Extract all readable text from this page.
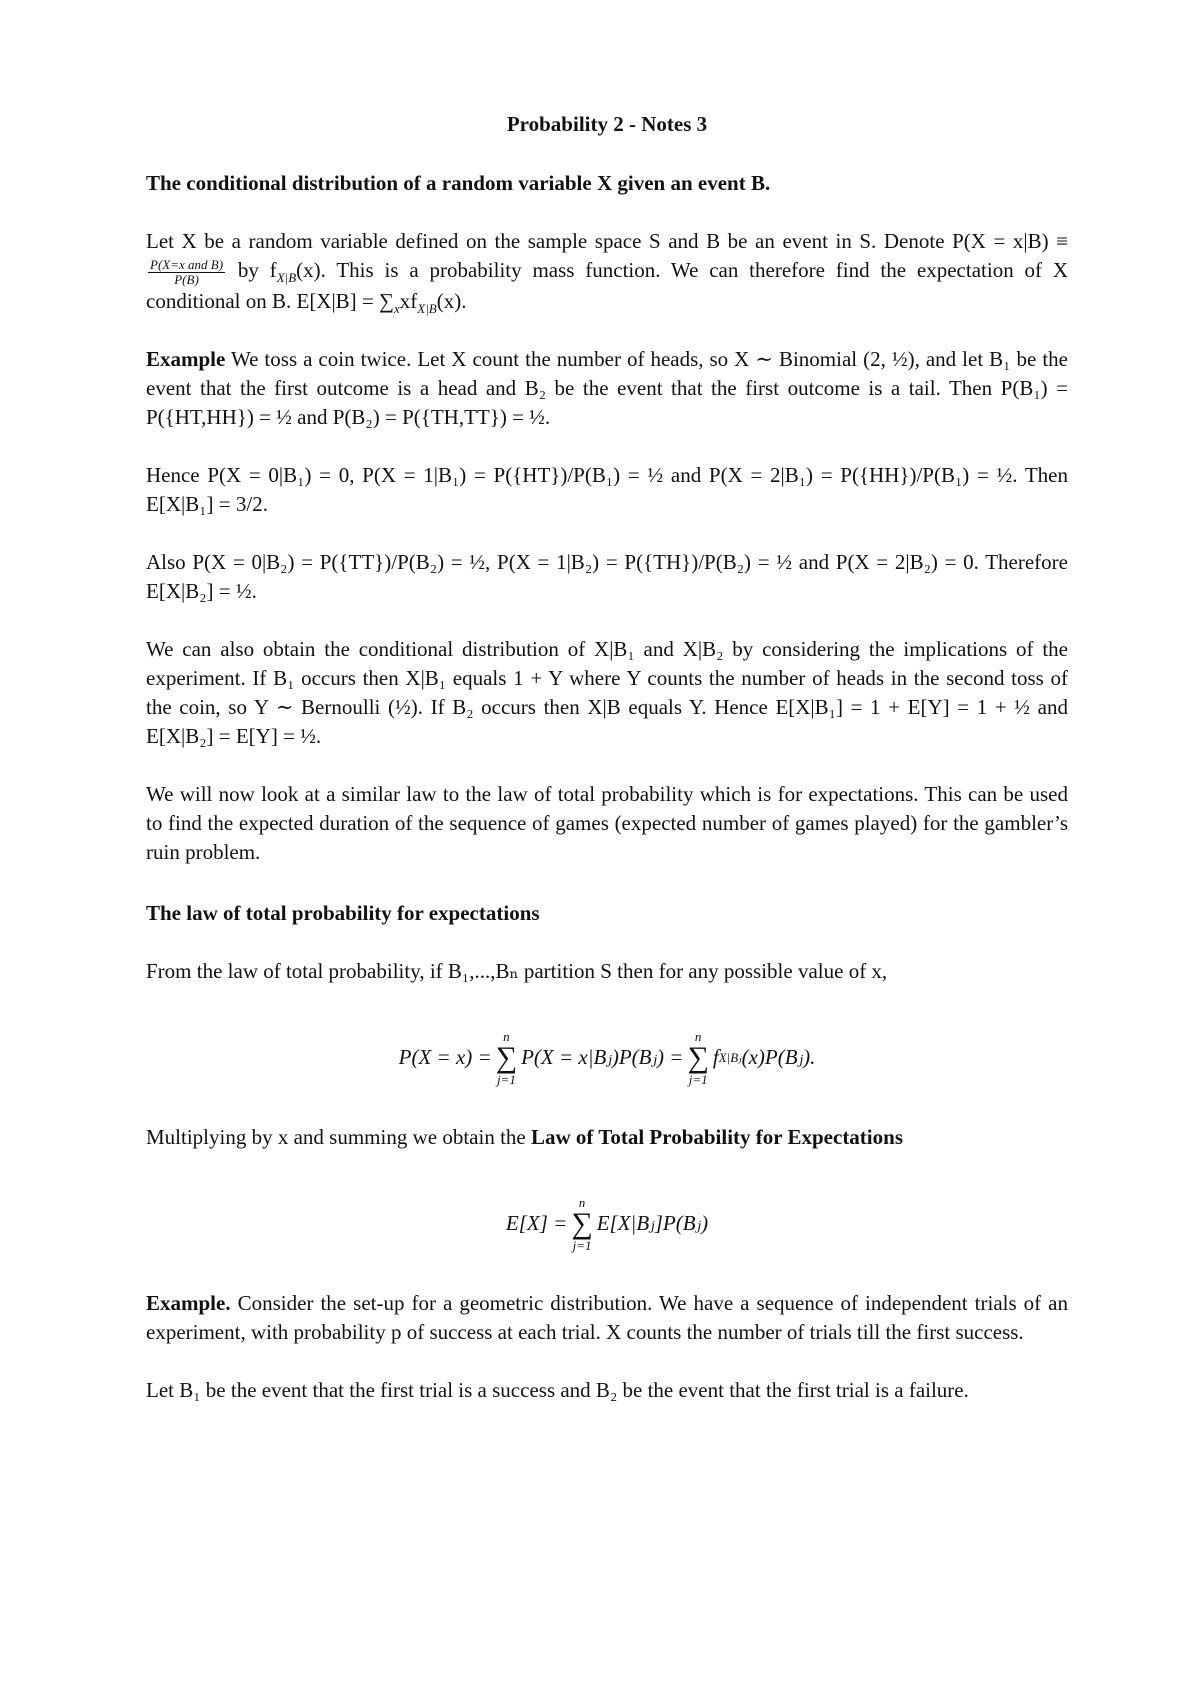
Probability 2 - Notes 3
The conditional distribution of a random variable X given an event B.

Let X be a random variable defined on the sample space S and B be an event in S. Denote P(X = x|B) ≡
$\frac{\text{P(X=x and B)}}{P(B)}$ by $f_{X|B}(x)$. This is a probability mass function. We can therefore find the expectation of X conditional on B. $E[X|B] = \sum_xxf_{X|B}(x)$.

Example We toss a coin twice. Let X count the number of heads, so X ∼ Binomial (2, ½), and let B₁ be the event that the first outcome is a head and B₂ be the event that the first outcome is a tail. Then P(B₁) = P({HT,HH}) = ½ and P(B₂) = P({TH,TT}) = ½.

Hence P(X = 0|B₁) = 0, P(X = 1|B₁) = P({HT})/P(B₁) = ½ and P(X = 2|B₁) = P({HH})/P(B₁) = ½. Then E[X|B₁] = 3/2.

Also P(X = 0|B₂) = P({TT})/P(B₂) = ½, P(X = 1|B₂) = P({TH})/P(B₂) = ½ and P(X = 2|B₂) = 0. Therefore E[X|B₂] = ½.

We can also obtain the conditional distribution of X|B₁ and X|B₂ by considering the implications of the experiment. If B₁ occurs then X|B₁ equals 1 + Y where Y counts the number of heads in the second toss of the coin, so Y ∼ Bernoulli (½). If B₂ occurs then X|B equals Y. Hence E[X|B₁] = 1 + E[Y] = 1 + ½ and E[X|B₂] = E[Y] = ½.

We will now look at a similar law to the law of total probability which is for expectations. This can be used to find the expected duration of the sequence of games (expected number of games played) for the gambler’s ruin problem.

The law of total probability for expectations

From the law of total probability, if B₁,...,Bₙ partition S then for any possible value of x,

P(X = x) =
n
∑
j=1
P(X = x|Bⱼ)P(Bⱼ) =
n
∑
j=1
f X|Bⱼ (x)P(Bⱼ).

Multiplying by x and summing we obtain the Law of Total Probability for Expectations

E[X] =
n
∑
j=1
E[X|Bⱼ]P(Bⱼ)

Example. Consider the set-up for a geometric distribution. We have a sequence of independent trials of an experiment, with probability p of success at each trial. X counts the number of trials till the first success.

Let B₁ be the event that the first trial is a success and B₂ be the event that the first trial is a failure.
